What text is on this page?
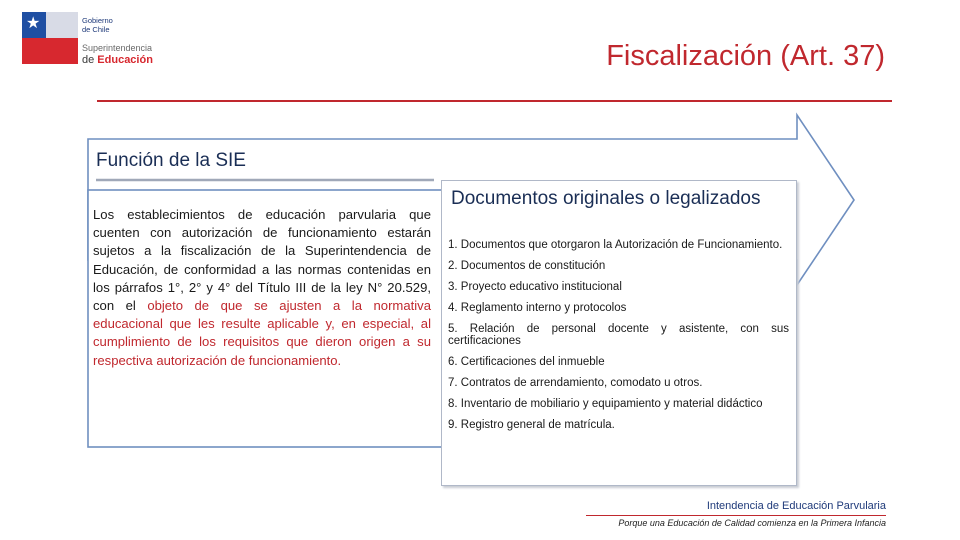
★	Gobierno de Chile
Superintendencia
de Educación	Fiscalización (Art. 37)
Función de la SIE
Los establecimientos de educación parvularia que cuenten con autorización de funcionamiento estarán sujetos a la fiscalización de la Superintendencia de Educación, de conformidad a las normas contenidas en los párrafos 1°, 2° y 4° del Título III de la ley N° 20.529, con el objeto de que se ajusten a la normativa educacional que les resulte aplicable y, en especial, al cumplimiento de los requisitos que dieron origen a su respectiva autorización de funcionamiento.
Documentos originales o legalizados
1. Documentos que otorgaron la Autorización de Funcionamiento.
2. Documentos de constitución
3. Proyecto educativo institucional
4. Reglamento interno y protocolos
5. Relación de personal docente y asistente, con sus certificaciones
6. Certificaciones del inmueble
7. Contratos de arrendamiento, comodato u otros.
8. Inventario de mobiliario y equipamiento y material didáctico
9. Registro general de matrícula.
Intendencia de Educación Parvularia
Porque una Educación de Calidad comienza en la Primera Infancia
